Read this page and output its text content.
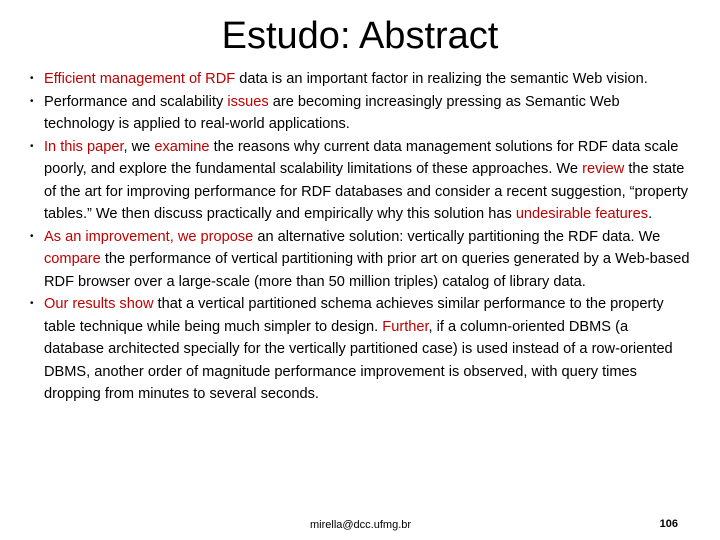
Estudo: Abstract
• Efficient management of RDF data is an important factor in realizing the semantic Web vision.
• Performance and scalability issues are becoming increasingly pressing as Semantic Web technology is applied to real-world applications.
• In this paper, we examine the reasons why current data management solutions for RDF data scale poorly, and explore the fundamental scalability limitations of these approaches. We review the state of the art for improving performance for RDF databases and consider a recent suggestion, “property tables.” We then discuss practically and empirically why this solution has undesirable features.
• As an improvement, we propose an alternative solution: vertically partitioning the RDF data. We compare the performance of vertical partitioning with prior art on queries generated by a Web-based RDF browser over a large-scale (more than 50 million triples) catalog of library data.
• Our results show that a vertical partitioned schema achieves similar performance to the property table technique while being much simpler to design. Further, if a column-oriented DBMS (a database architected specially for the vertically partitioned case) is used instead of a row-oriented DBMS, another order of magnitude performance improvement is observed, with query times dropping from minutes to several seconds.
mirella@dcc.ufmg.br	106
